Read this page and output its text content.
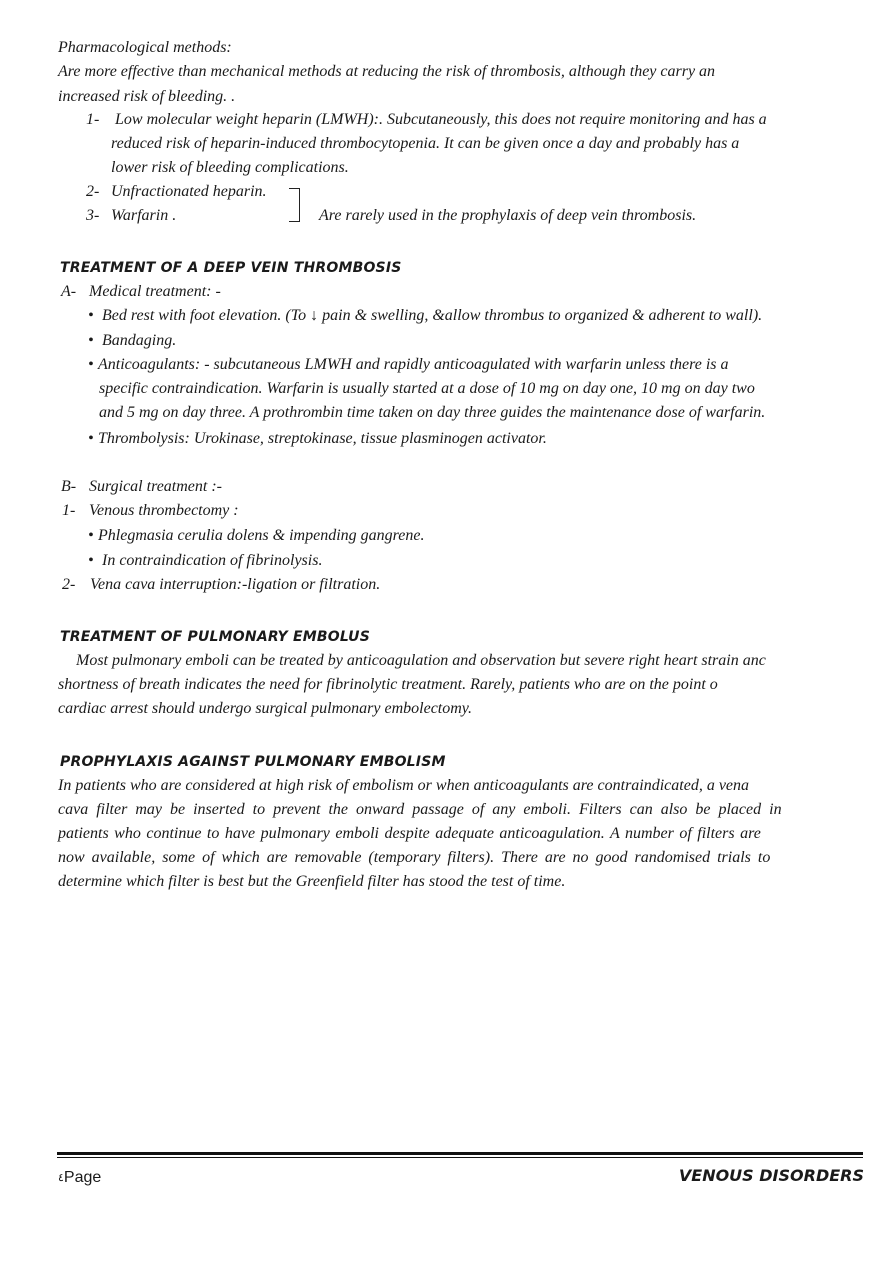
Pharmacological methods:
Are more effective than mechanical methods at reducing the risk of thrombosis, although they carry an
increased risk of bleeding. .
1- Low molecular weight heparin (LMWH):. Subcutaneously, this does not require monitoring and has a
reduced risk of heparin-induced thrombocytopenia. It can be given once a day and probably has a
lower risk of bleeding complications.
2- Unfractionated heparin.
3- Warfarin .	Are rarely used in the prophylaxis of deep vein thrombosis.
TREATMENT OF A DEEP VEIN THROMBOSIS
A- Medical treatment: -
• Bed rest with foot elevation. (To ↓ pain & swelling, &allow thrombus to organized & adherent to wall).
• Bandaging.
• Anticoagulants: - subcutaneous LMWH and rapidly anticoagulated with warfarin unless there is a
specific contraindication. Warfarin is usually started at a dose of 10 mg on day one, 10 mg on day two
and 5 mg on day three. A prothrombin time taken on day three guides the maintenance dose of warfarin.
• Thrombolysis: Urokinase, streptokinase, tissue plasminogen activator.
B- Surgical treatment :-
1- Venous thrombectomy :
• Phlegmasia cerulia dolens & impending gangrene.
• In contraindication of fibrinolysis.
2- Vena cava interruption:-ligation or filtration.
TREATMENT OF PULMONARY EMBOLUS
Most pulmonary emboli can be treated by anticoagulation and observation but severe right heart strain anc
shortness of breath indicates the need for fibrinolytic treatment. Rarely, patients who are on the point o
cardiac arrest should undergo surgical pulmonary embolectomy.
PROPHYLAXIS AGAINST PULMONARY EMBOLISM
In patients who are considered at high risk of embolism or when anticoagulants are contraindicated, a vena
cava filter may be inserted to prevent the onward passage of any emboli. Filters can also be placed in
patients who continue to have pulmonary emboli despite adequate anticoagulation. A number of filters are
now available, some of which are removable (temporary filters). There are no good randomised trials to
determine which filter is best but the Greenfield filter has stood the test of time.
$^٤$Page	VENOUS DISORDERS
